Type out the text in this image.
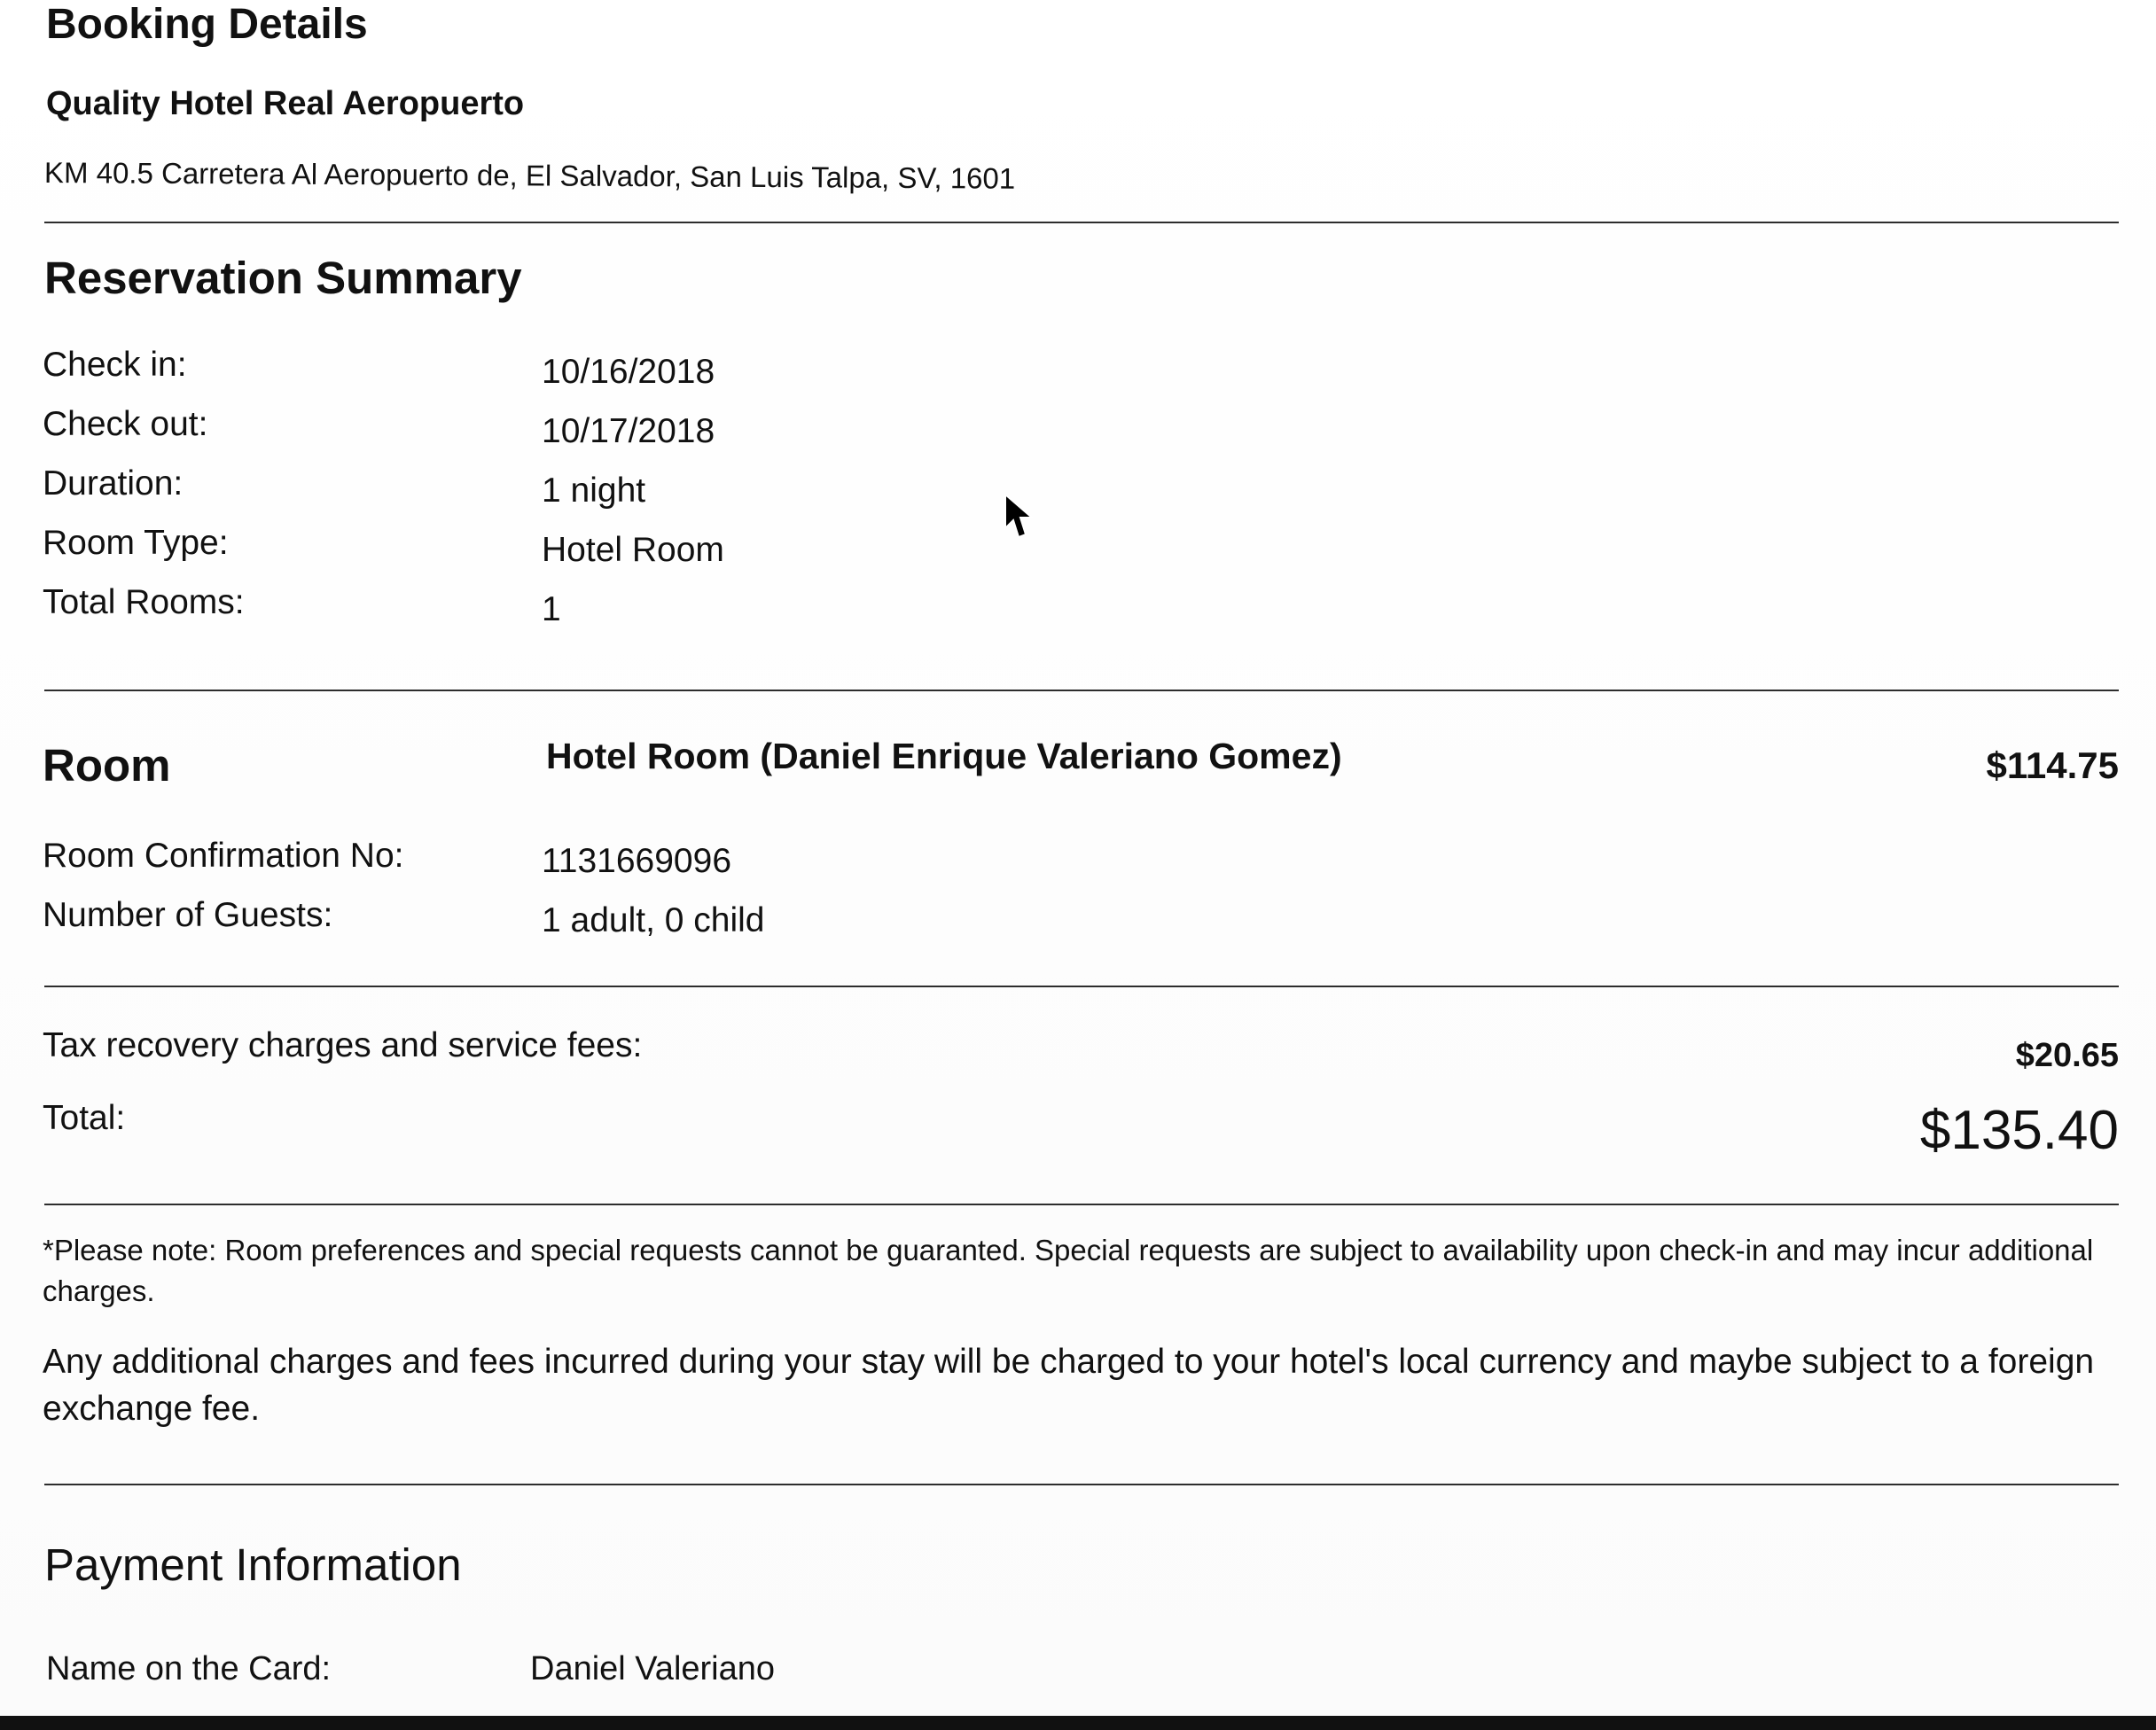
Booking Details
Quality Hotel Real Aeropuerto
KM 40.5 Carretera Al Aeropuerto de, El Salvador, San Luis Talpa, SV, 1601
Reservation Summary
Check in:	10/16/2018
Check out:	10/17/2018
Duration:	1 night
Room Type:	Hotel Room
Total Rooms:	1
Room	Hotel Room (Daniel Enrique Valeriano Gomez)	$114.75
Room Confirmation No:	1131669096
Number of Guests:	1 adult, 0 child
Tax recovery charges and service fees:	$20.65
Total:	$135.40
*Please note: Room preferences and special requests cannot be guaranted. Special requests are subject to availability upon check-in and may incur additional charges.
Any additional charges and fees incurred during your stay will be charged to your hotel's local currency and maybe subject to a foreign exchange fee.
Payment Information
Name on the Card:	Daniel Valeriano
